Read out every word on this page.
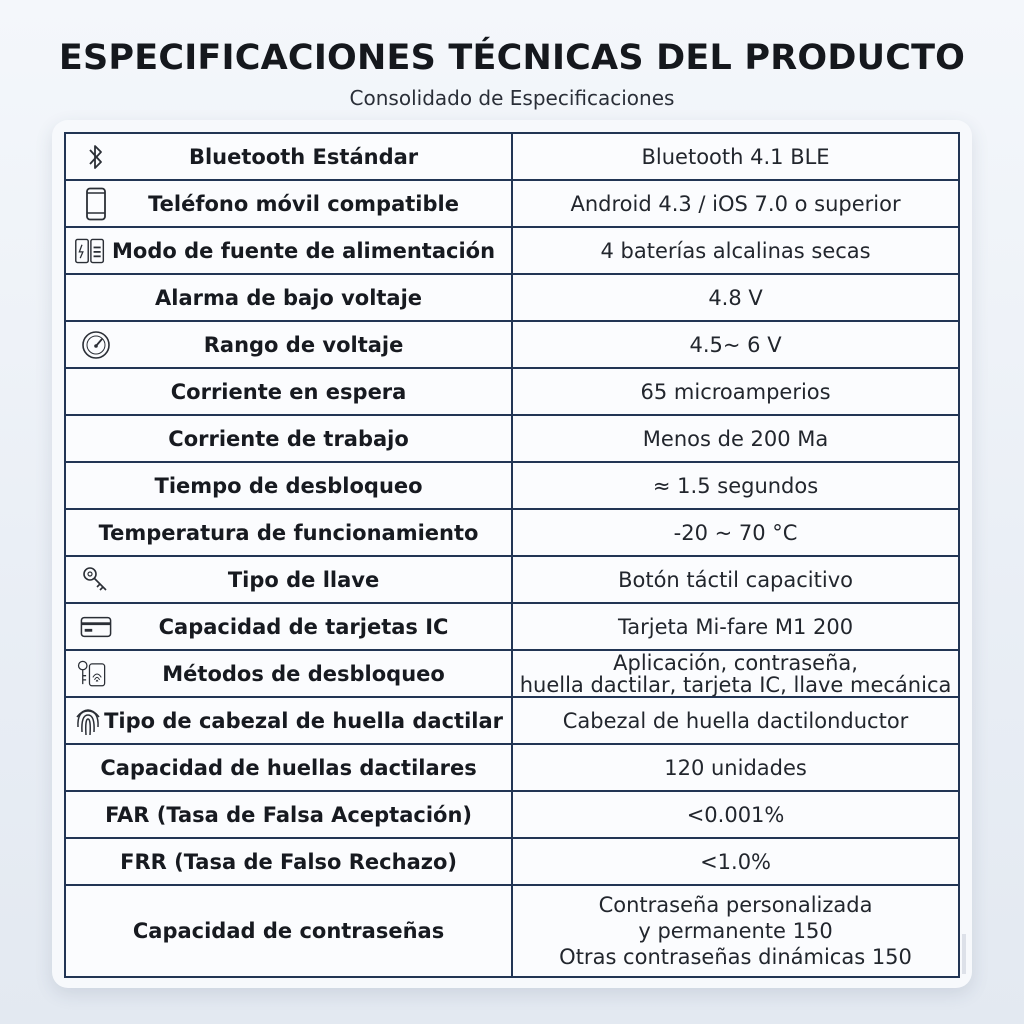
ESPECIFICACIONES TÉCNICAS DEL PRODUCTO
Consolidado de Especificaciones
Bluetooth Estándar	Bluetooth 4.1 BLE

Teléfono móvil compatible	Android 4.3 / iOS 7.0 o superior

Modo de fuente de alimentación	4 baterías alcalinas secas
Alarma de bajo voltaje	4.8 V

Rango de voltaje	4.5~ 6 V
Corriente en espera	65 microamperios
Corriente de trabajo	Menos de 200 Ma
Tiempo de desbloqueo	≈ 1.5 segundos
Temperatura de funcionamiento	-20 ~ 70 °C

Tipo de llave	Botón táctil capacitivo

Capacidad de tarjetas IC	Tarjeta Mi-fare M1 200

Métodos de desbloqueo	Aplicación, contraseña,
huella dactilar, tarjeta IC, llave mecánica

Tipo de cabezal de huella dactilar	Cabezal de huella dactilonductor
Capacidad de huellas dactilares	120 unidades
FAR (Tasa de Falsa Aceptación)	<0.001%
FRR (Tasa de Falso Rechazo)	<1.0%
Capacidad de contraseñas	Contraseña personalizada
y permanente 150
Otras contraseñas dinámicas 150
